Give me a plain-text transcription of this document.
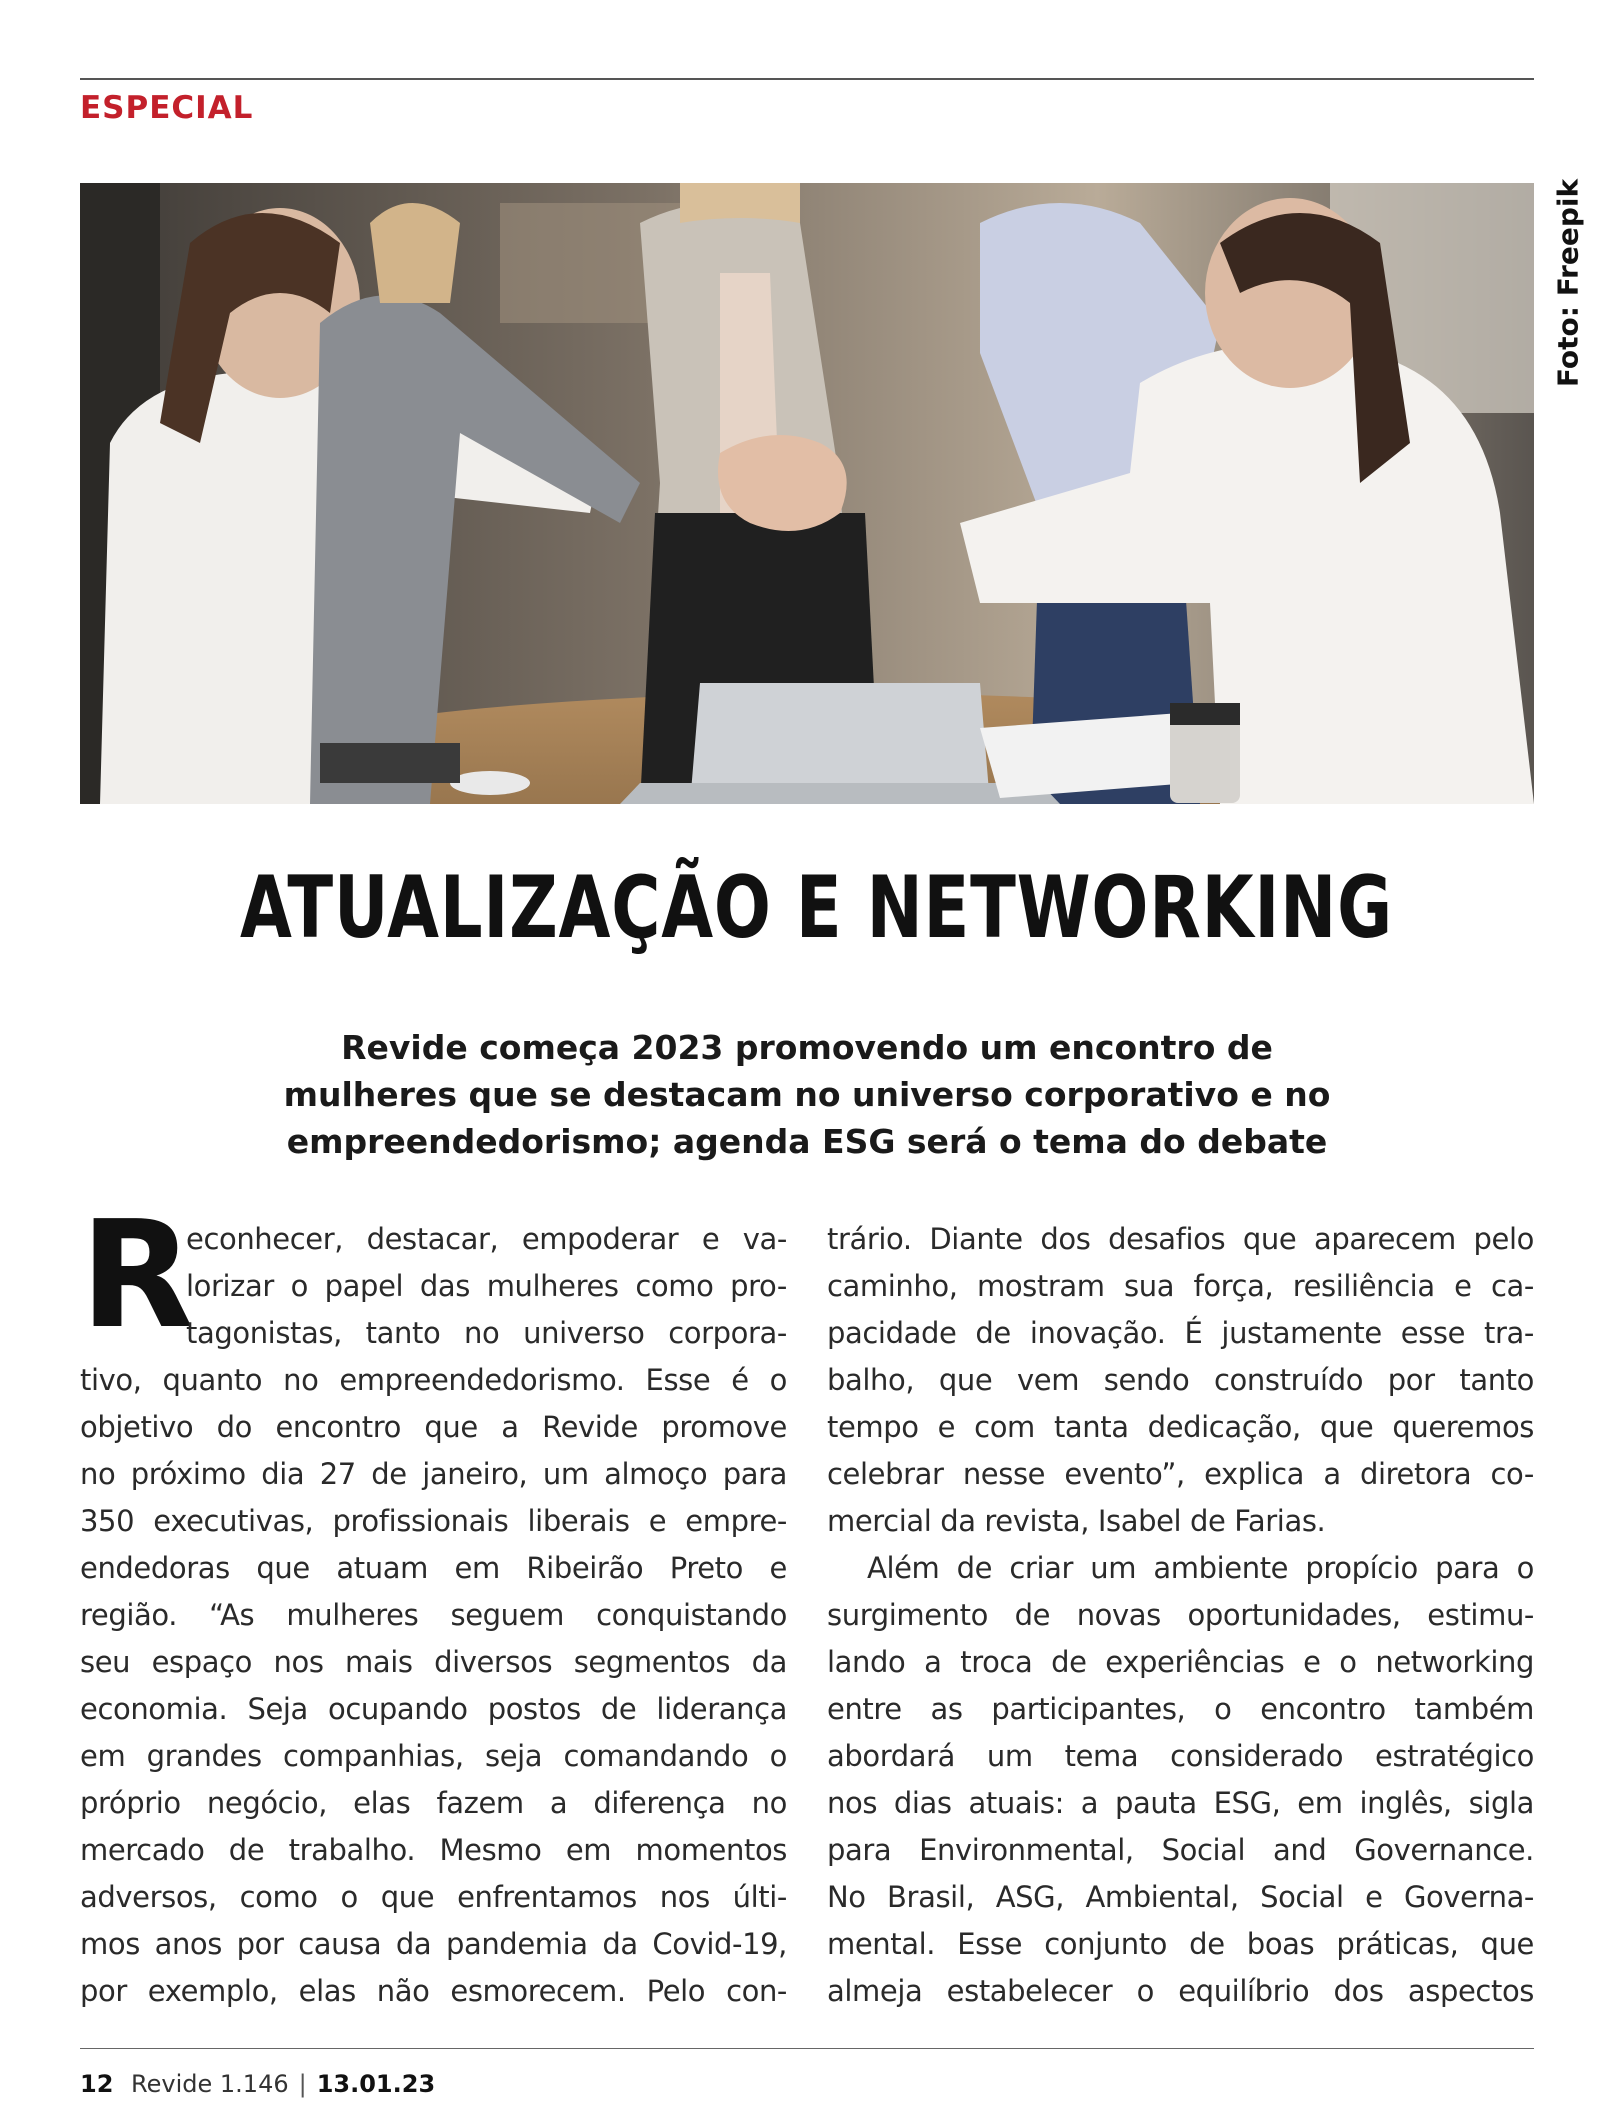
ESPECIAL
Foto: Freepik
ATUALIZAÇÃO E NETWORKING
Revide começa 2023 promovendo um encontro de
mulheres que se destacam no universo corporativo e no
empreendedorismo; agenda ESG será o tema do debate
R
econhecer, destacar, empoderar e va-
lorizar o papel das mulheres como pro-
tagonistas, tanto no universo corpora-
tivo, quanto no empreendedorismo. Esse é o
objetivo do encontro que a Revide promove
no próximo dia 27 de janeiro, um almoço para
350 executivas, profissionais liberais e empre-
endedoras que atuam em Ribeirão Preto e
região. “As mulheres seguem conquistando
seu espaço nos mais diversos segmentos da
economia. Seja ocupando postos de liderança
em grandes companhias, seja comandando o
próprio negócio, elas fazem a diferença no
mercado de trabalho. Mesmo em momentos
adversos, como o que enfrentamos nos últi-
mos anos por causa da pandemia da Covid-19,
por exemplo, elas não esmorecem. Pelo con-
trário. Diante dos desafios que aparecem pelo
caminho, mostram sua força, resiliência e ca-
pacidade de inovação. É justamente esse tra-
balho, que vem sendo construído por tanto
tempo e com tanta dedicação, que queremos
celebrar nesse evento”, explica a diretora co-
mercial da revista, Isabel de Farias.
Além de criar um ambiente propício para o
surgimento de novas oportunidades, estimu-
lando a troca de experiências e o networking
entre as participantes, o encontro também
abordará um tema considerado estratégico
nos dias atuais: a pauta ESG, em inglês, sigla
para Environmental, Social and Governance.
No Brasil, ASG, Ambiental, Social e Governa-
mental. Esse conjunto de boas práticas, que
almeja estabelecer o equilíbrio dos aspectos
12 Revide 1.146 | 13.01.23
